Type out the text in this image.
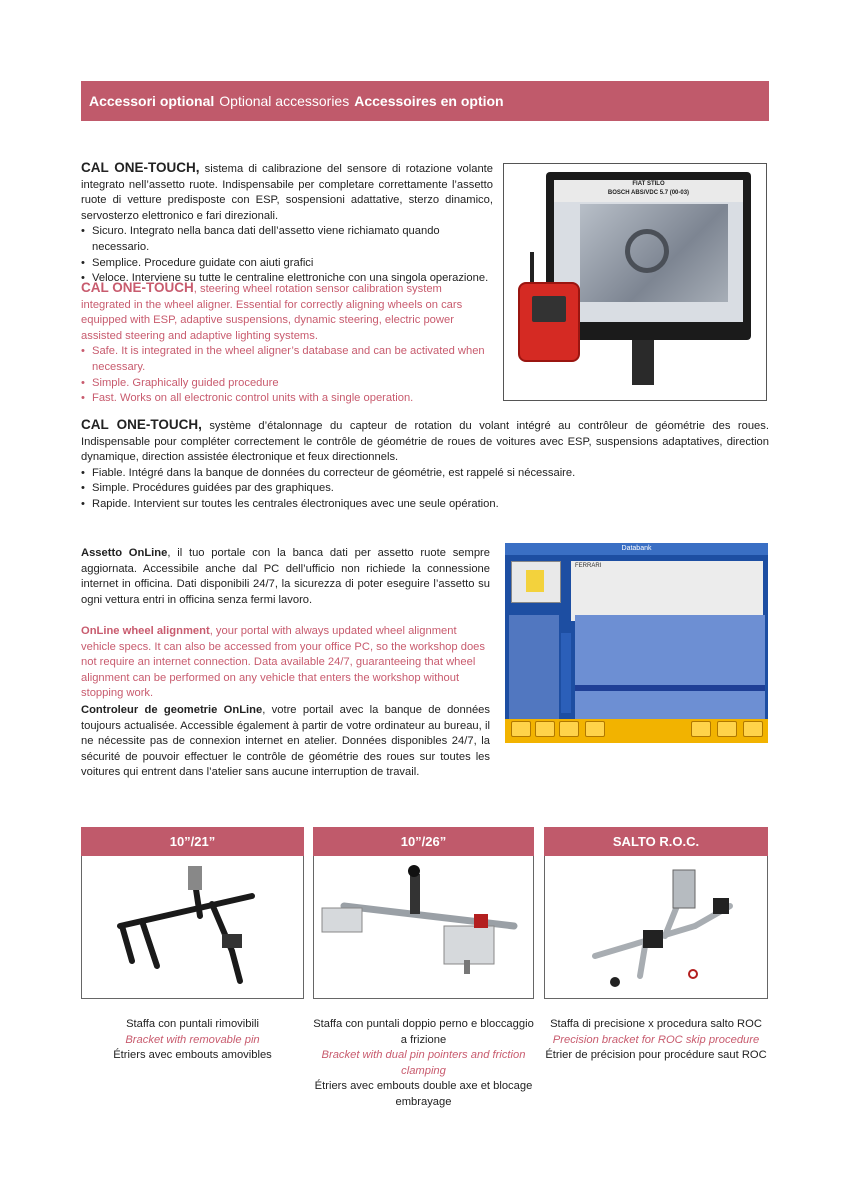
Accessori optional Optional accessories Accessoires en option
CAL ONE-TOUCH, sistema di calibrazione del sensore di rotazione volante integrato nell’assetto ruote. Indispensabile per completare correttamente l’assetto ruote di vetture predisposte con ESP, sospensioni adattative, sterzo dinamico, servosterzo elettronico e fari direzionali.
• Sicuro. Integrato nella banca dati dell’assetto viene richiamato quando necessario.
• Semplice. Procedure guidate con aiuti grafici
• Veloce. Interviene su tutte le centraline elettroniche con una singola operazione.
CAL ONE-TOUCH, steering wheel rotation sensor calibration system integrated in the wheel aligner. Essential for correctly aligning wheels on cars equipped with ESP, adaptive suspensions, dynamic steering, electric power assisted steering and adaptive lighting systems.
• Safe. It is integrated in the wheel aligner’s database and can be activated when necessary.
• Simple. Graphically guided procedure
• Fast. Works on all electronic control units with a single operation.
FIAT STILO
BOSCH ABS/VDC 5.7 (00-03)
CAL ONE-TOUCH, système d’étalonnage du capteur de rotation du volant intégré au contrôleur de géométrie des roues. Indispensable pour compléter correctement le contrôle de géométrie de roues de voitures avec ESP, suspensions adaptatives, direction dynamique, direction assistée électronique et feux directionnels.
• Fiable. Intégré dans la banque de données du correcteur de géométrie, est rappelé si nécessaire.
• Simple. Procédures guidées par des graphiques.
• Rapide. Intervient sur toutes les centrales électroniques avec une seule opération.
Assetto OnLine, il tuo portale con la banca dati per assetto ruote sempre aggiornata. Accessibile anche dal PC dell’ufficio non richiede la connessione internet in officina. Dati disponibili 24/7, la sicurezza di poter eseguire l’assetto su ogni vettura entri in officina senza fermi lavoro.
OnLine wheel alignment, your portal with always updated wheel alignment vehicle specs. It can also be accessed from your office PC, so the workshop does not require an internet connection. Data available 24/7, guaranteeing that wheel alignment can be performed on any vehicle that enters the workshop without stopping work.
Controleur de geometrie OnLine, votre portail avec la banque de données toujours actualisée. Accessible également à partir de votre ordinateur au bureau, il ne nécessite pas de connexion internet en atelier. Données disponibles 24/7, la sécurité de pouvoir effectuer le contrôle de géométrie des roues sur toutes les voitures qui entrent dans l’atelier sans aucune interruption de travail.
Databank
FERRARI
10”/21”	10”/26”	SALTO R.O.C.
Staffa con puntali rimovibili
Bracket with removable pin
Étriers avec embouts amovibles
Staffa con puntali doppio perno e bloccaggio a frizione
Bracket with dual pin pointers and friction clamping
Étriers avec embouts double axe et blocage embrayage
Staffa di precisione x procedura salto ROC
Precision bracket for ROC skip procedure
Étrier de précision pour procédure saut ROC
